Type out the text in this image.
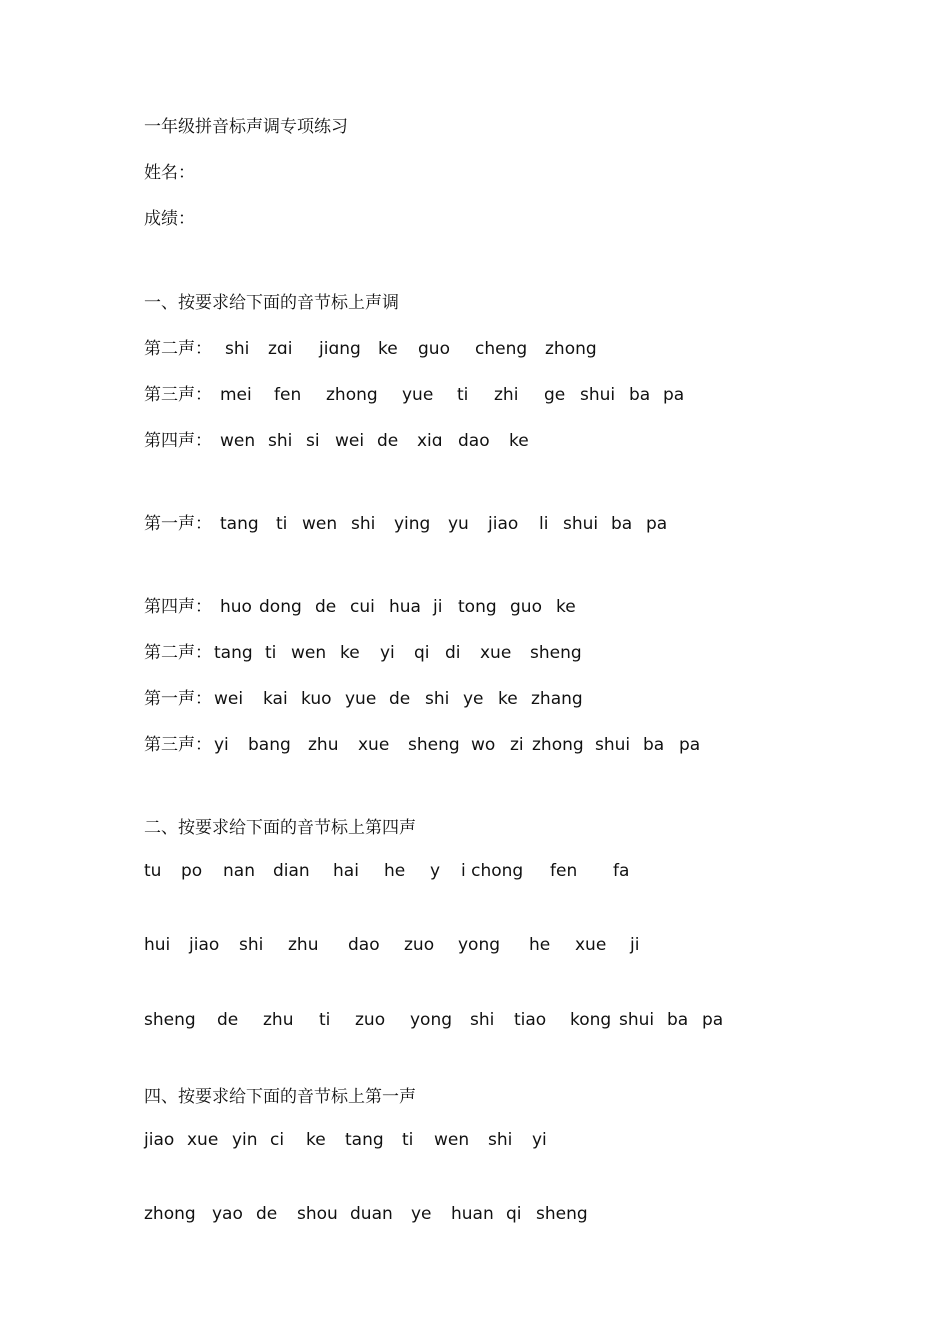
一年级拼音标声调专项练习
姓名：
成绩：
一、按要求给下面的音节标上声调
第二声： shi zɑi jiɑng ke guo cheng zhong
第三声： mei fen zhong yue ti zhi ge shui ba pa
第四声： wen shi si wei de xiɑ dao ke
第一声： tang ti wen shi ying yu jiao li shui ba pa
第四声： huo dong de cui hua ji tong guo ke
第二声： tang ti wen ke yi qi di xue sheng
第一声： wei kai kuo yue de shi ye ke zhang
第三声： yi bang zhu xue sheng wo zi zhong shui ba pa
二、按要求给下面的音节标上第四声
tu po nan dian hai he y i chong fen fa
hui jiao shi zhu dao zuo yong he xue ji
sheng de zhu ti zuo yong shi tiao kong shui ba pa
四、按要求给下面的音节标上第一声
jiao xue yin ci ke tang ti wen shi yi
zhong yao de shou duan ye huan qi sheng
